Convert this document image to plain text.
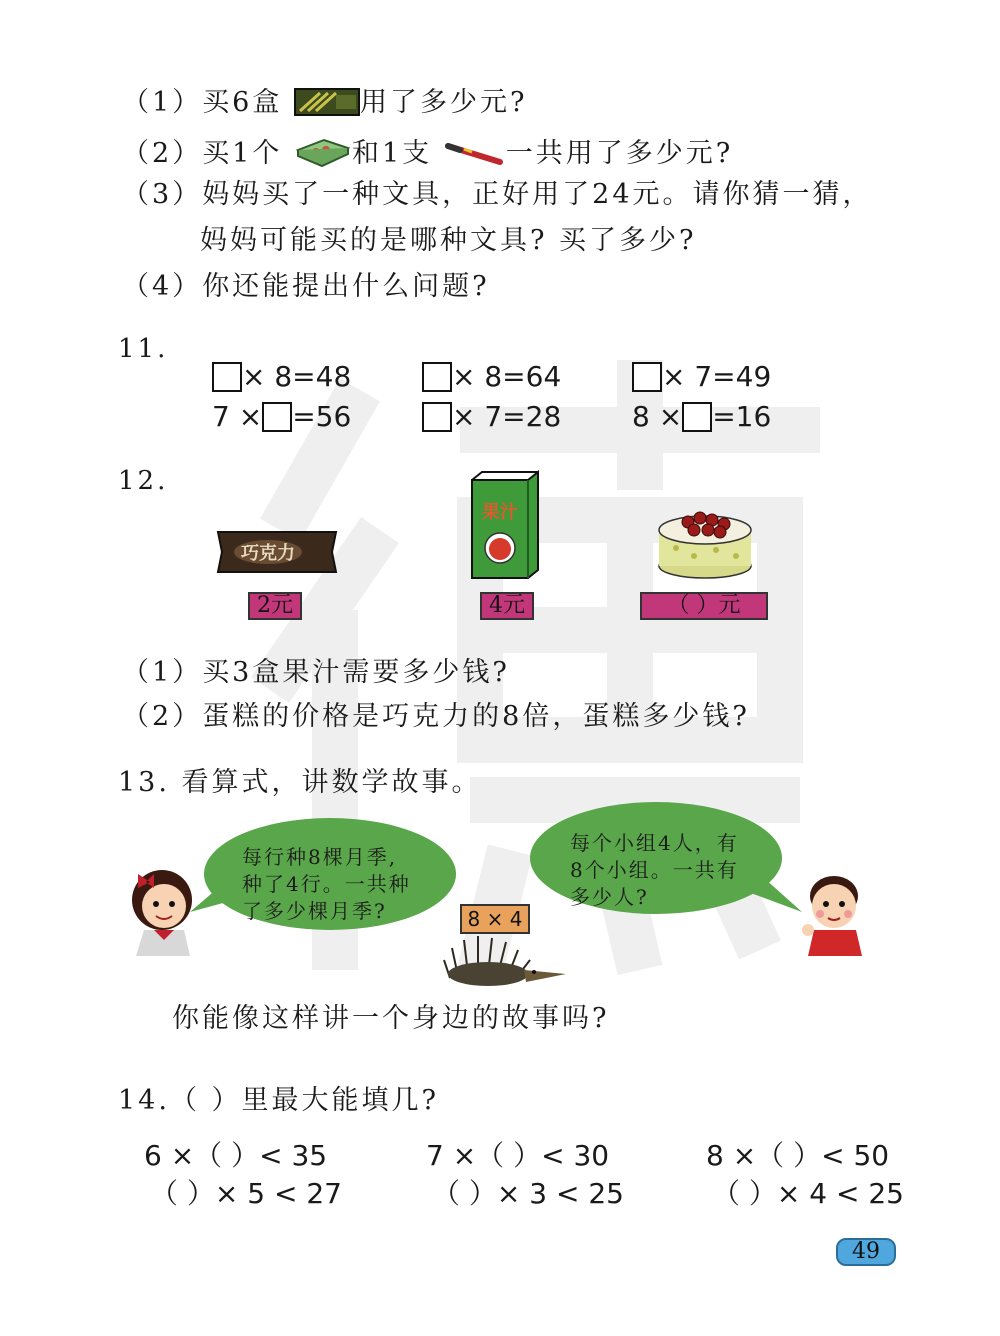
（1）买6盒	用了多少元?
（2）买1个	和1支	一共用了多少元?
（3）妈妈买了一种文具，正好用了24元。请你猜一猜，
妈妈可能买的是哪种文具? 买了多少?
（4）你还能提出什么问题?
11.
× 8=48	× 8=64	× 7=49
7 × =56	× 7=28	8 × =16
12.
巧克力
果汁
2元	4元	（ ）元
（1）买3盒果汁需要多少钱?
（2）蛋糕的价格是巧克力的8倍，蛋糕多少钱?
13. 看算式，讲数学故事。
每行种8棵月季,
种了4行。一共种
了多少棵月季?
每个小组4人，有
8个小组。一共有
多少人?
8 × 4
你能像这样讲一个身边的故事吗?
14.（ ）里最大能填几?
6 ×（ ）< 35	7 ×（ ）< 30	8 ×（ ）< 50
（ ）× 5 < 27	（ ）× 3 < 25	（ ）× 4 < 25
49
